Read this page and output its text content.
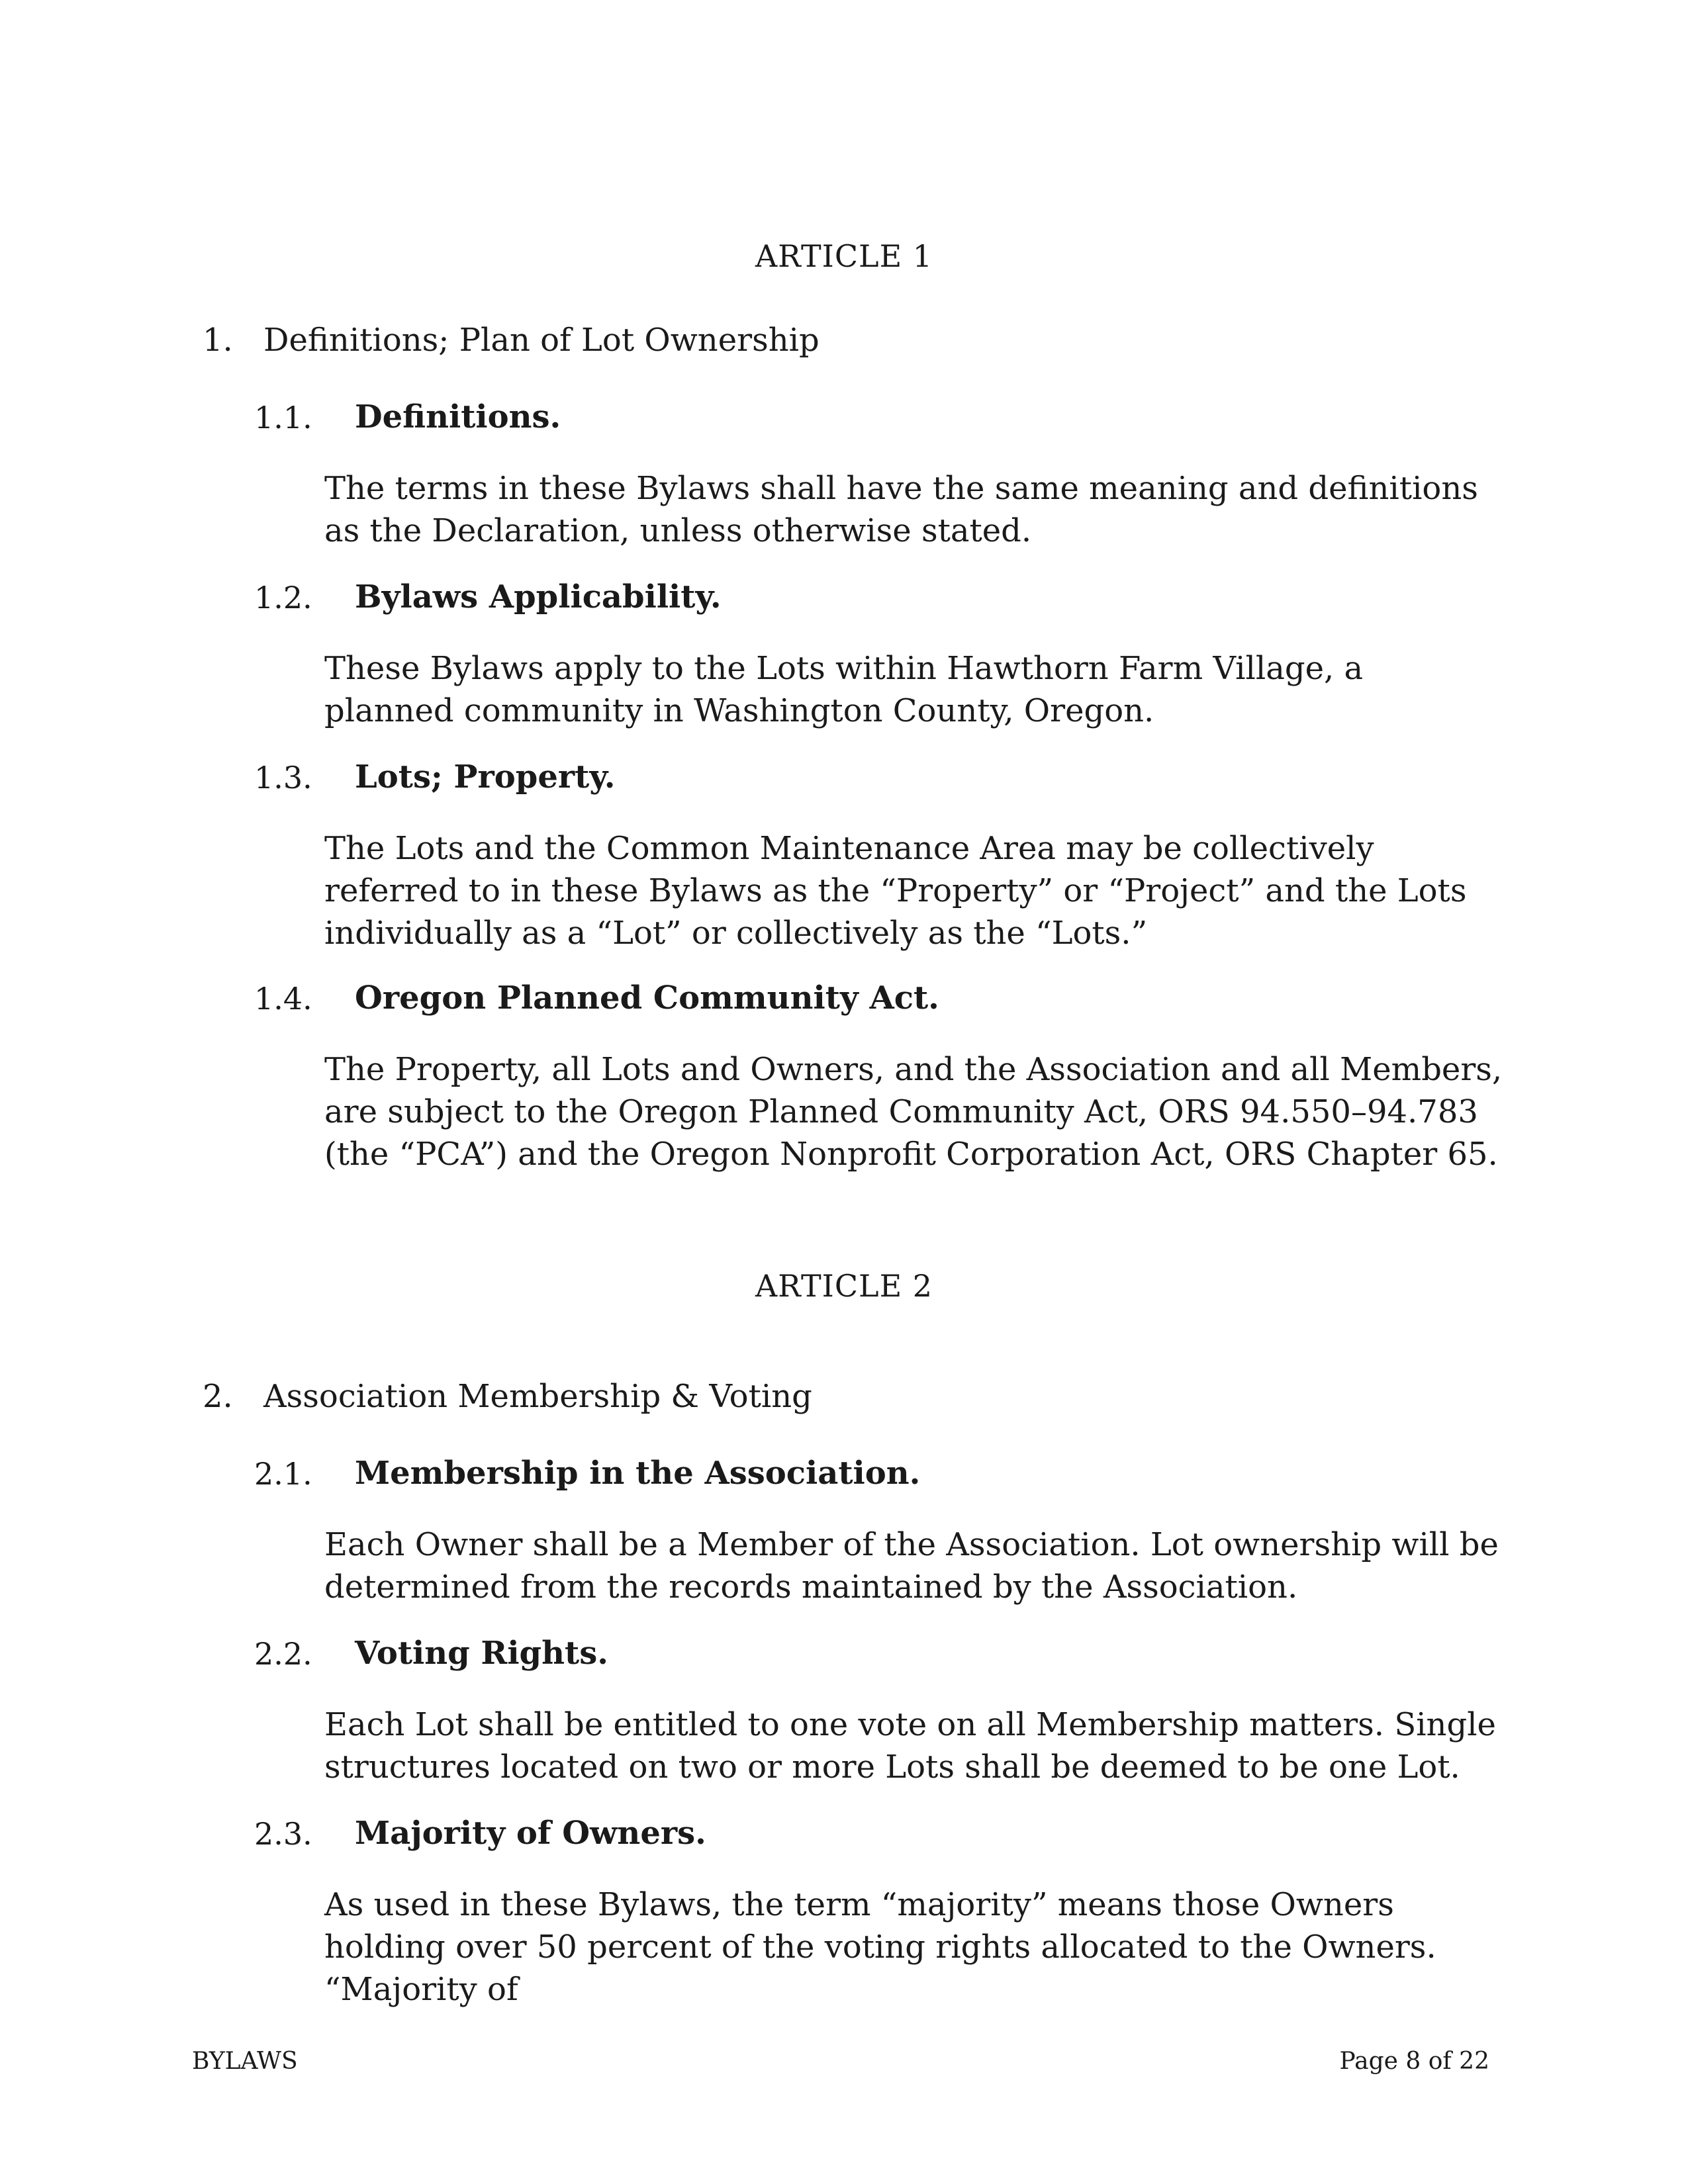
ARTICLE 1

1. Definitions; Plan of Lot Ownership

1.1. Definitions.

The terms in these Bylaws shall have the same meaning and definitions as the Declaration, unless otherwise stated.

1.2. Bylaws Applicability.

These Bylaws apply to the Lots within Hawthorn Farm Village, a planned community in Washington County, Oregon.

1.3. Lots; Property.

The Lots and the Common Maintenance Area may be collectively referred to in these Bylaws as the “Property” or “Project” and the Lots individually as a “Lot” or collectively as the “Lots.”

1.4. Oregon Planned Community Act.

The Property, all Lots and Owners, and the Association and all Members, are subject to the Oregon Planned Community Act, ORS 94.550–94.783 (the “PCA”) and the Oregon Nonprofit Corporation Act, ORS Chapter 65.

ARTICLE 2

2. Association Membership & Voting

2.1. Membership in the Association.

Each Owner shall be a Member of the Association. Lot ownership will be determined from the records maintained by the Association.

2.2. Voting Rights.

Each Lot shall be entitled to one vote on all Membership matters. Single structures located on two or more Lots shall be deemed to be one Lot.

2.3. Majority of Owners.

As used in these Bylaws, the term “majority” means those Owners holding over 50 percent of the voting rights allocated to the Owners. “Majority of

BYLAWS	Page 8 of 22
